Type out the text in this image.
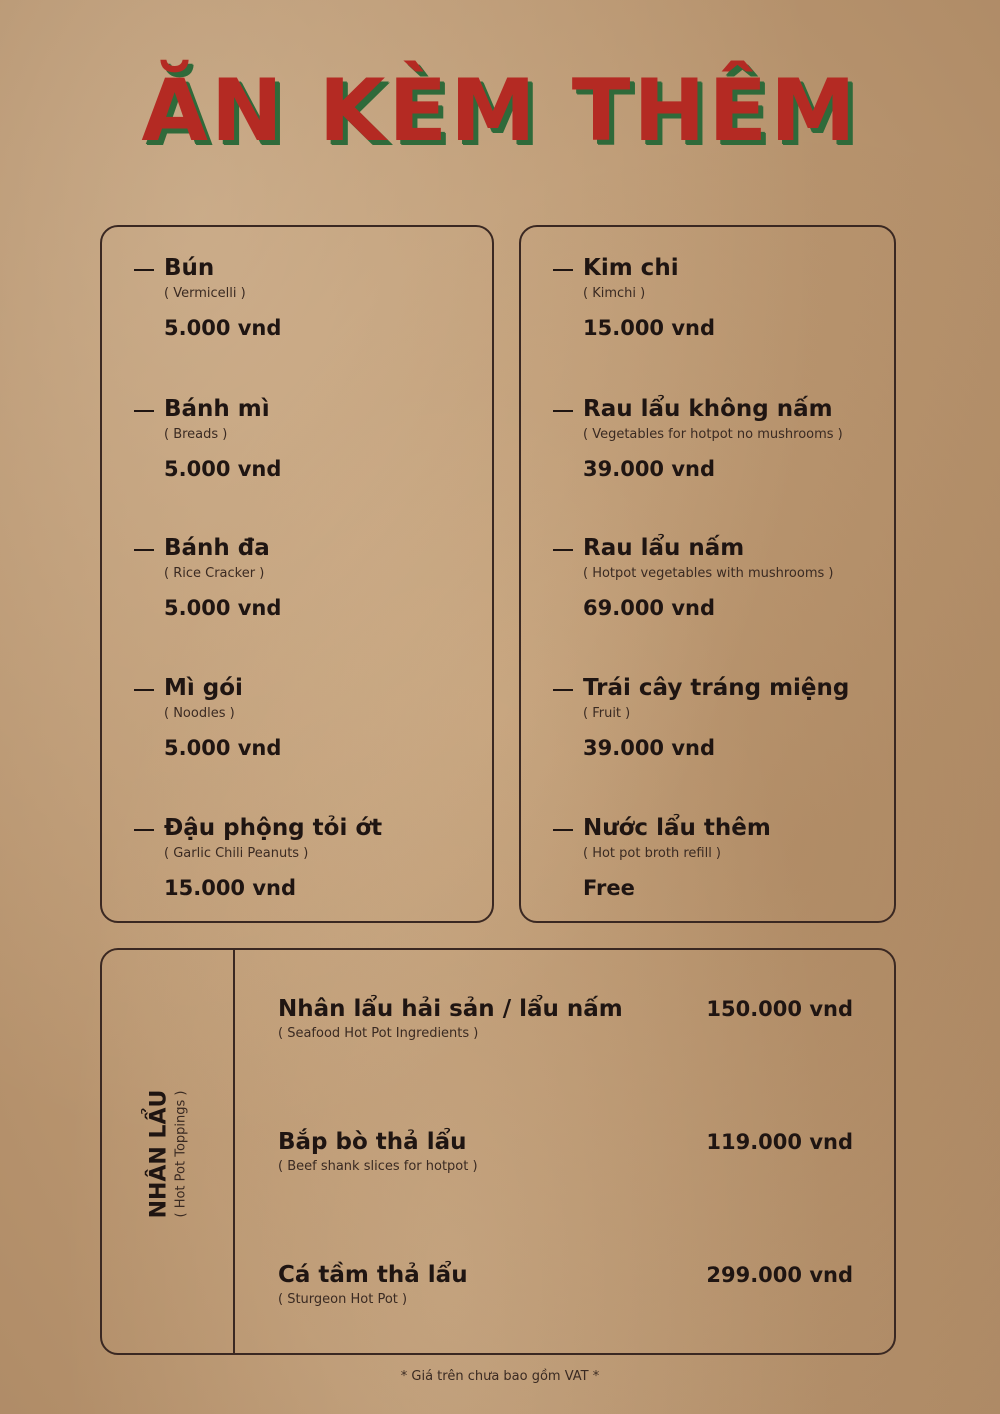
ĂN KÈM THÊM
Bún
( Vermicelli )
5.000 vnd
Bánh mì
( Breads )
5.000 vnd
Bánh đa
( Rice Cracker )
5.000 vnd
Mì gói
( Noodles )
5.000 vnd
Đậu phộng tỏi ớt
( Garlic Chili Peanuts )
15.000 vnd
Kim chi
( Kimchi )
15.000 vnd
Rau lẩu không nấm
( Vegetables for hotpot no mushrooms )
39.000 vnd
Rau lẩu nấm
( Hotpot vegetables with mushrooms )
69.000 vnd
Trái cây tráng miệng
( Fruit )
39.000 vnd
Nước lẩu thêm
( Hot pot broth refill )
Free
NHÂN LẨU ( Hot Pot Toppings )
Nhân lẩu hải sản / lẩu nấm
( Seafood Hot Pot Ingredients )
150.000 vnd
Bắp bò thả lẩu
( Beef shank slices for hotpot )
119.000 vnd
Cá tầm thả lẩu
( Sturgeon Hot Pot )
299.000 vnd
* Giá trên chưa bao gồm VAT *
